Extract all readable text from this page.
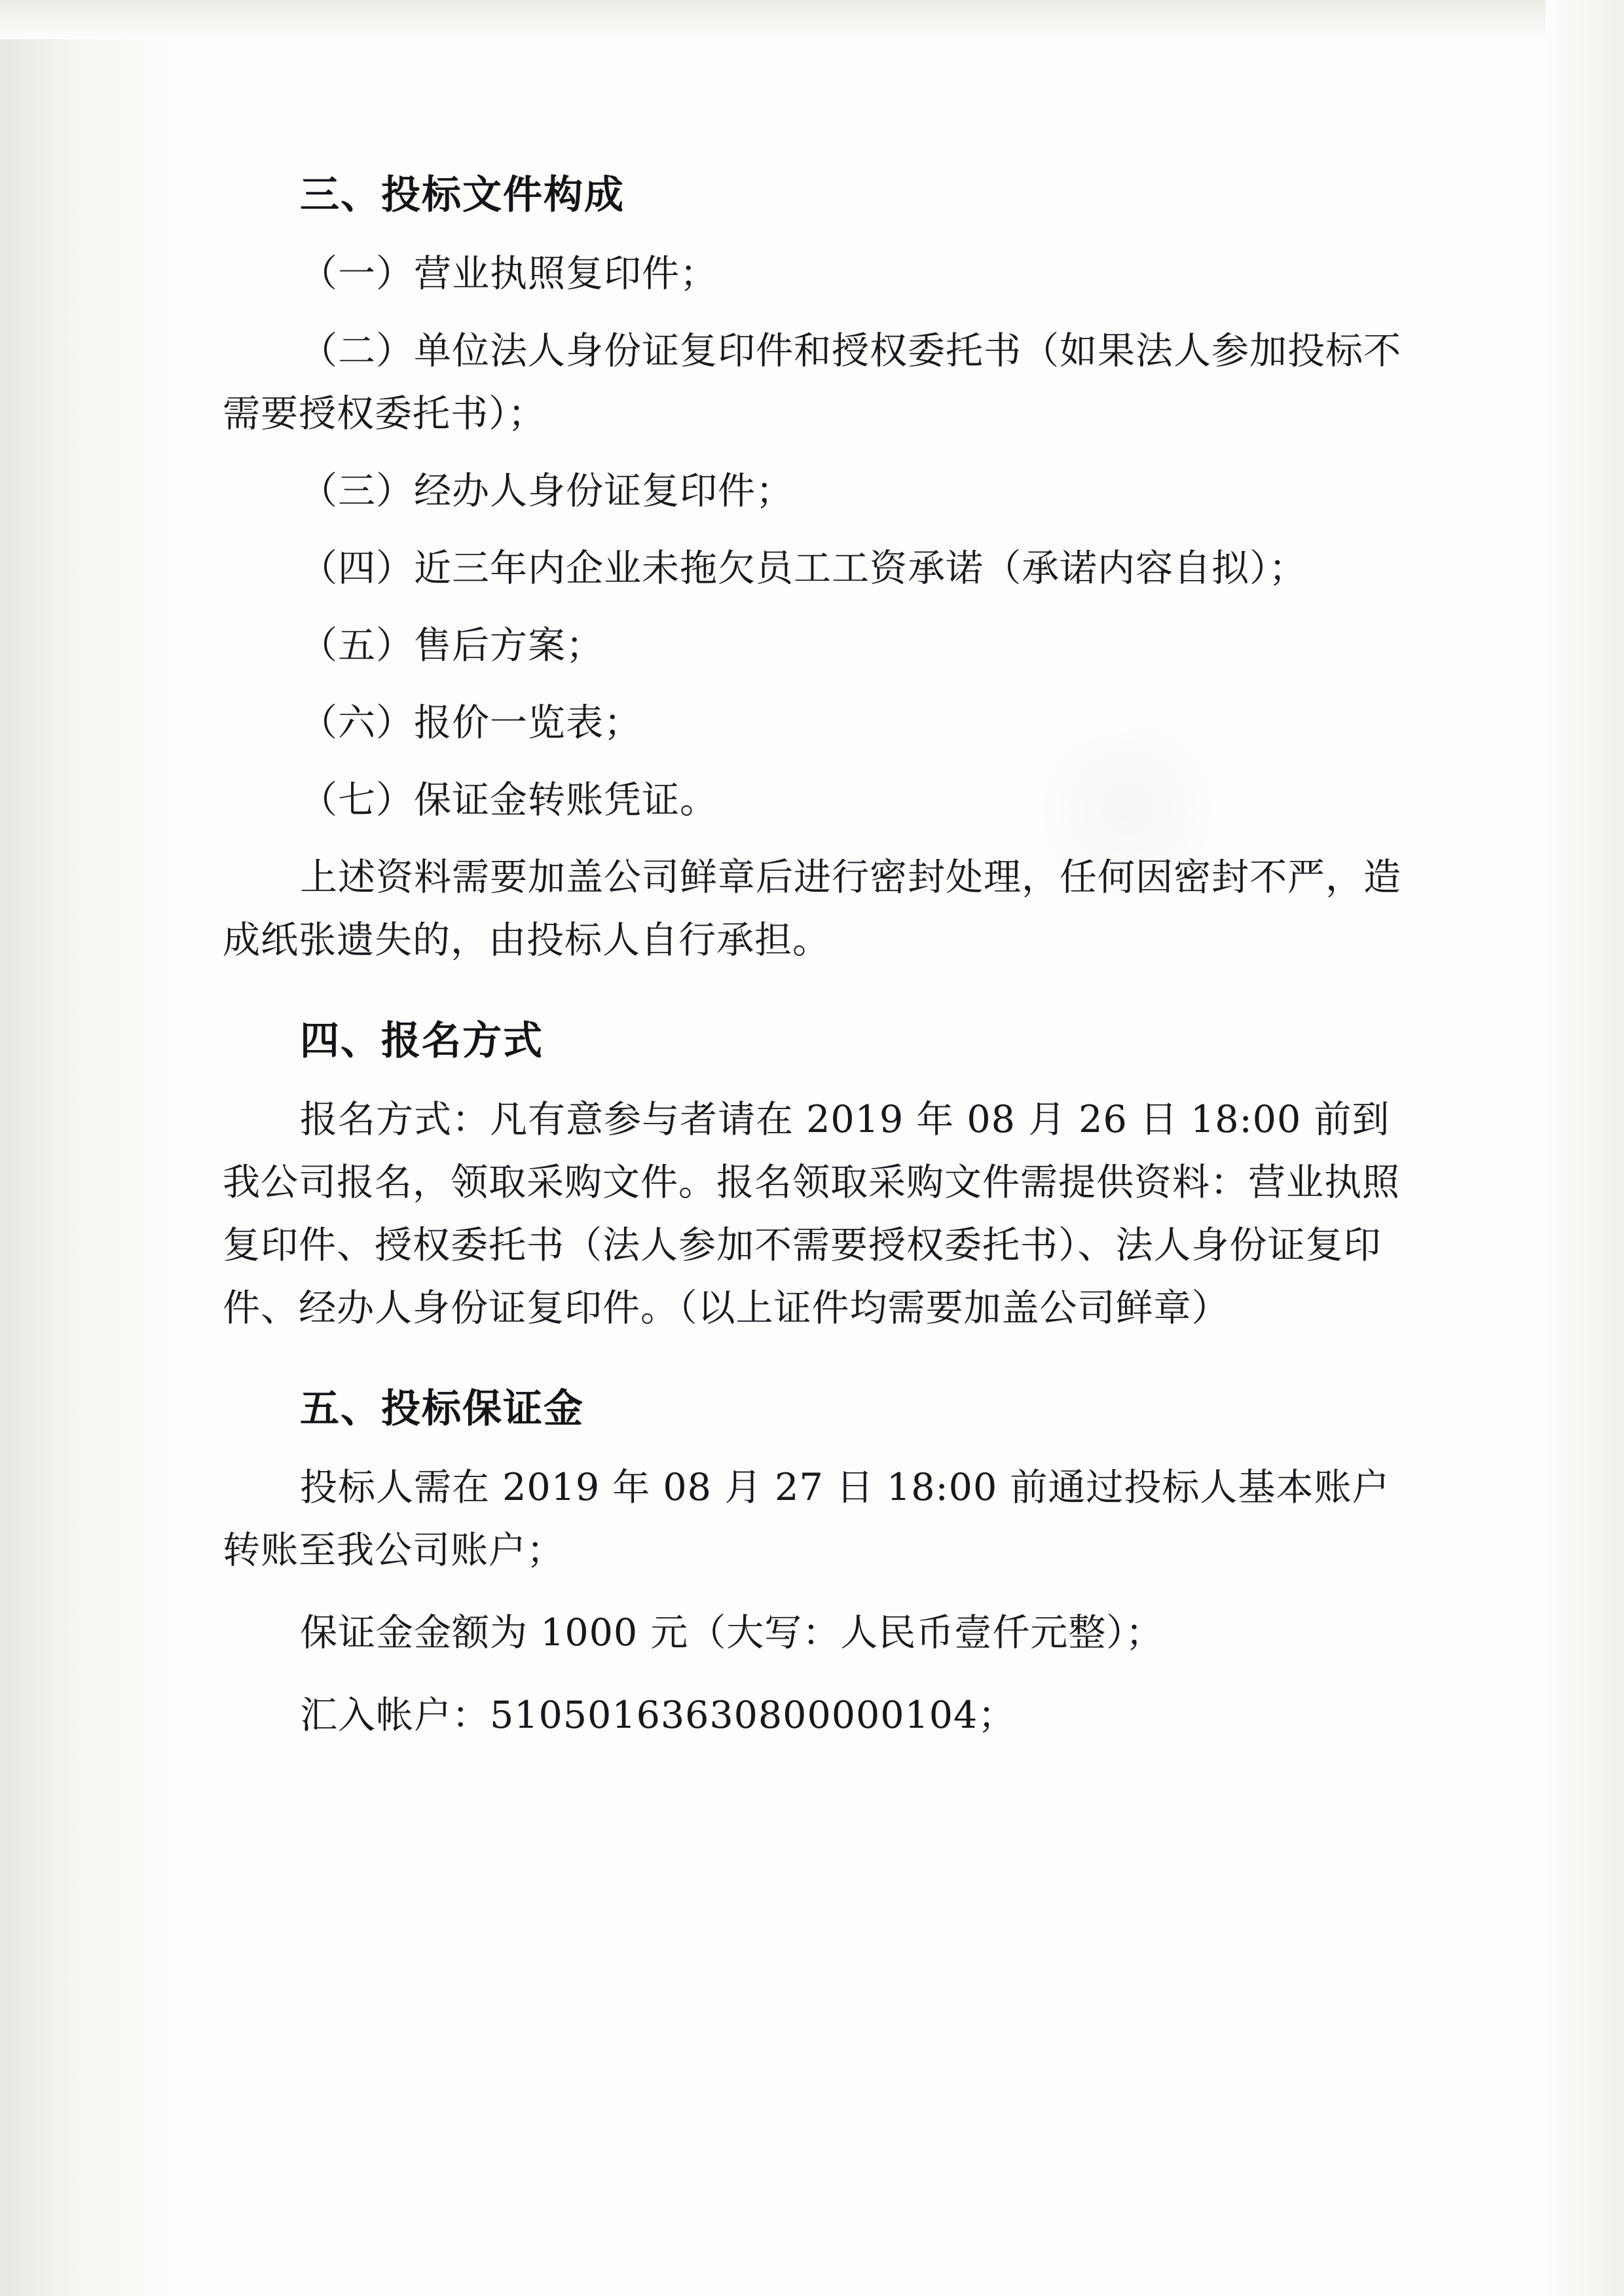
三、投标文件构成

（一）营业执照复印件；

（二）单位法人身份证复印件和授权委托书（如果法人参加投标不需要授权委托书）；

（三）经办人身份证复印件；

（四）近三年内企业未拖欠员工工资承诺（承诺内容自拟）；

（五）售后方案；

（六）报价一览表；

（七）保证金转账凭证。

上述资料需要加盖公司鲜章后进行密封处理，任何因密封不严，造成纸张遗失的，由投标人自行承担。

四、报名方式

报名方式：凡有意参与者请在 2019 年 08 月 26 日 18:00 前到我公司报名，领取采购文件。报名领取采购文件需提供资料：营业执照复印件、授权委托书（法人参加不需要授权委托书）、法人身份证复印件、经办人身份证复印件。（以上证件均需要加盖公司鲜章）

五、投标保证金

投标人需在 2019 年 08 月 27 日 18:00 前通过投标人基本账户转账至我公司账户；

保证金金额为 1000 元（大写：人民币壹仟元整）；

汇入帐户：51050163630800000104；
